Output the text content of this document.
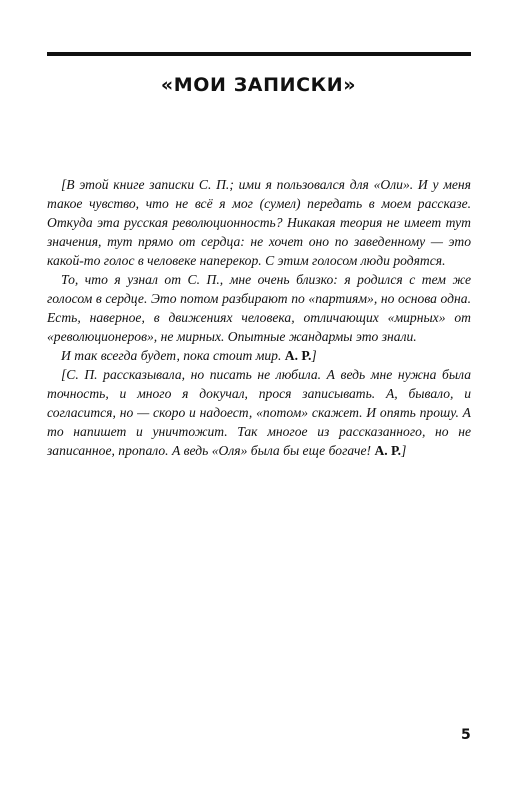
«МОИ ЗАПИСКИ»

[В этой книге записки С. П.; ими я пользовался для «Оли». И у меня такое чувство, что не всё я мог (сумел) передать в моем рассказе. Откуда эта русская революционность? Никакая теория не имеет тут значения, тут прямо от сердца: не хочет оно по заведенному — это какой-то голос в человеке наперекор. С этим голосом люди родятся.

То, что я узнал от С. П., мне очень близко: я родился с тем же голосом в сердце. Это потом разбирают по «партиям», но основа одна. Есть, наверное, в движениях человека, отличающих «мирных» от «революционеров», не мирных. Опытные жандармы это знали.

И так всегда будет, пока стоит мир. А. Р.]

[С. П. рассказывала, но писать не любила. А ведь мне нужна была точность, и много я докучал, прося записывать. А, бывало, и согласится, но — скоро и надоест, «потом» скажет. И опять прошу. А то напишет и уничтожит. Так многое из рассказанного, но не записанное, пропало. А ведь «Оля» была бы еще богаче! А. Р.]

5
